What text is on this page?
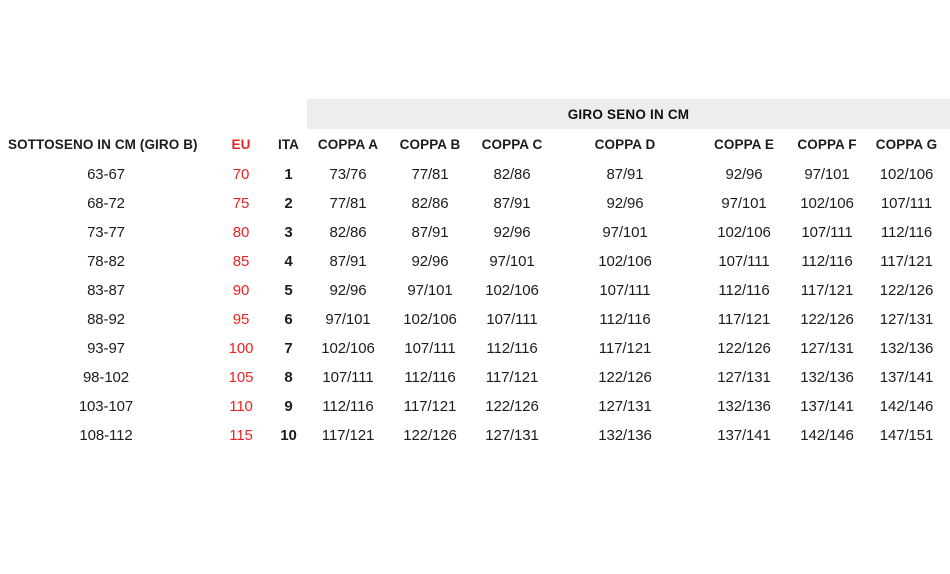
			GIRO SENO IN CM						
SOTTOSENO IN CM (GIRO B)	EU	ITA	COPPA A	COPPA B	COPPA C	COPPA D	COPPA E	COPPA F	COPPA G
63-67	70	1	73/76	77/81	82/86	87/91	92/96	97/101	102/106
68-72	75	2	77/81	82/86	87/91	92/96	97/101	102/106	107/111
73-77	80	3	82/86	87/91	92/96	97/101	102/106	107/111	112/116
78-82	85	4	87/91	92/96	97/101	102/106	107/111	112/116	117/121
83-87	90	5	92/96	97/101	102/106	107/111	112/116	117/121	122/126
88-92	95	6	97/101	102/106	107/111	112/116	117/121	122/126	127/131
93-97	100	7	102/106	107/111	112/116	117/121	122/126	127/131	132/136
98-102	105	8	107/111	112/116	117/121	122/126	127/131	132/136	137/141
103-107	110	9	112/116	117/121	122/126	127/131	132/136	137/141	142/146
108-112	115	10	117/121	122/126	127/131	132/136	137/141	142/146	147/151
